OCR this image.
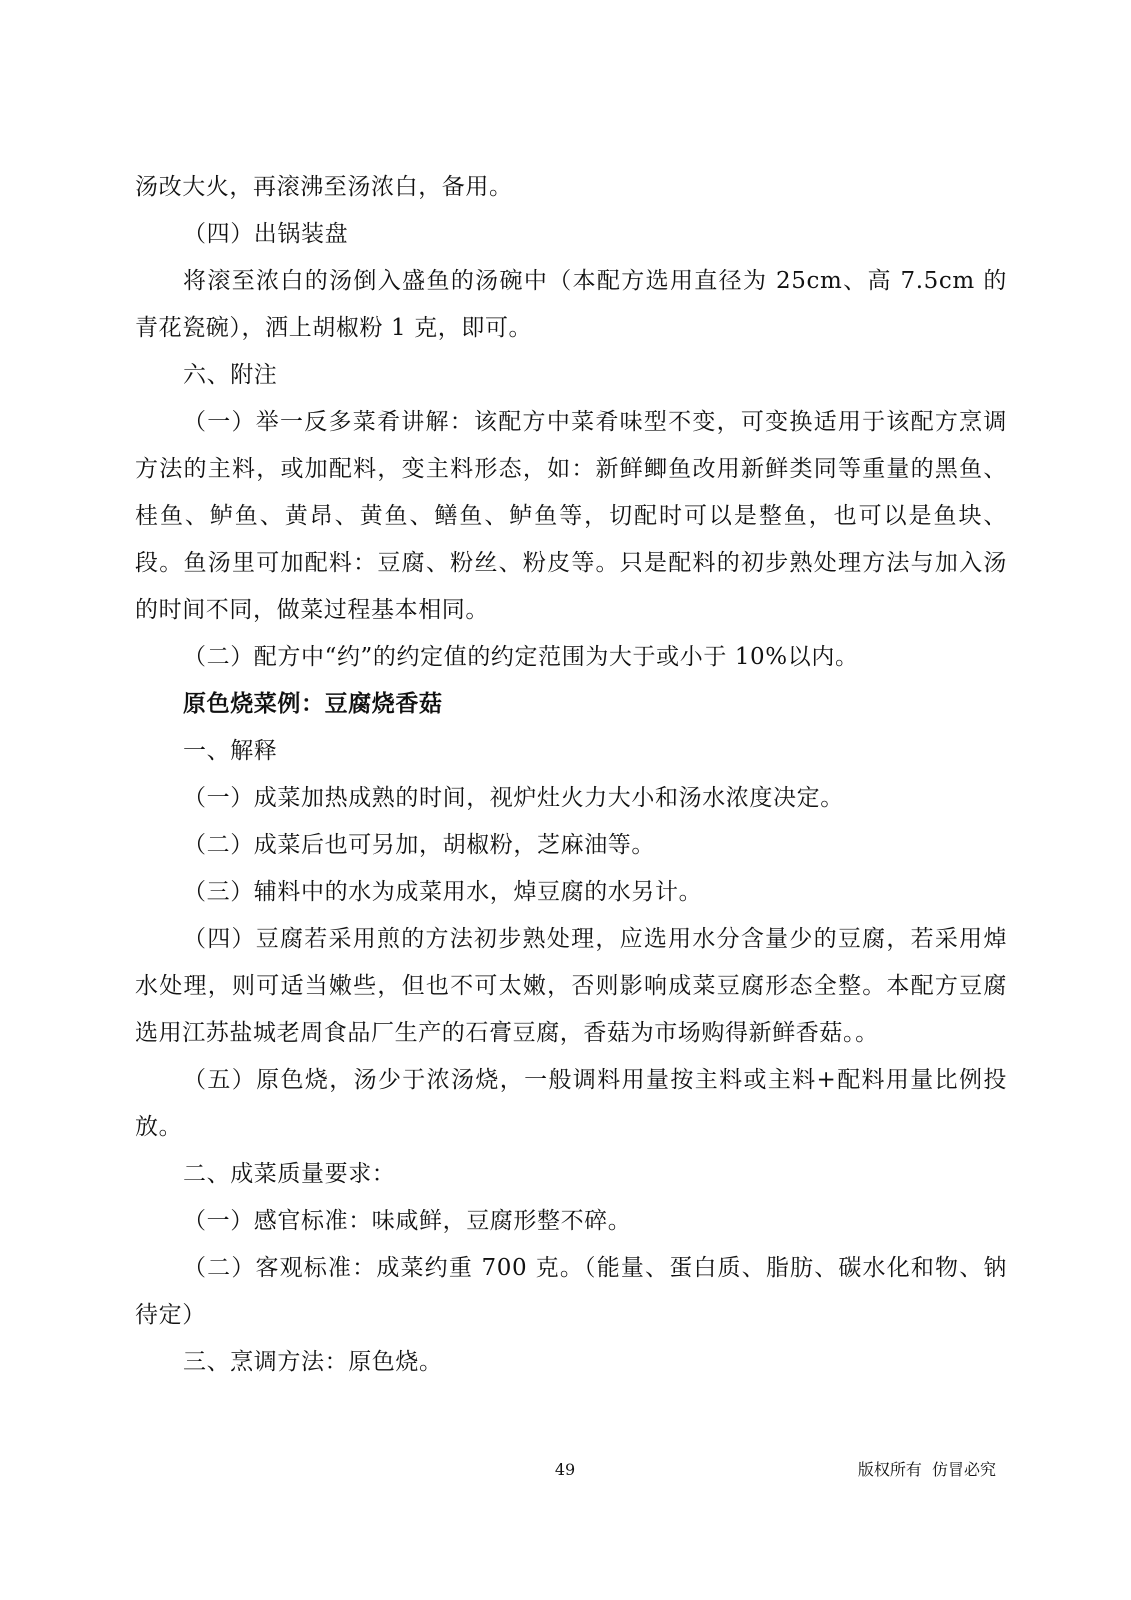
汤改大火，再滚沸至汤浓白，备用。

（四）出锅装盘

将滚至浓白的汤倒入盛鱼的汤碗中（本配方选用直径为 25cm、高 7.5cm 的青花瓷碗），洒上胡椒粉 1 克，即可。

六、附注

（一）举一反多菜肴讲解：该配方中菜肴味型不变，可变换适用于该配方烹调方法的主料，或加配料，变主料形态，如：新鲜鲫鱼改用新鲜类同等重量的黑鱼、桂鱼、鲈鱼、黄昂、黄鱼、鳝鱼、鲈鱼等，切配时可以是整鱼，也可以是鱼块、段。鱼汤里可加配料：豆腐、粉丝、粉皮等。只是配料的初步熟处理方法与加入汤的时间不同，做菜过程基本相同。

（二）配方中“约”的约定值的约定范围为大于或小于 10%以内。

原色烧菜例：豆腐烧香菇

一、解释

（一）成菜加热成熟的时间，视炉灶火力大小和汤水浓度决定。

（二）成菜后也可另加，胡椒粉，芝麻油等。

（三）辅料中的水为成菜用水，焯豆腐的水另计。

（四）豆腐若采用煎的方法初步熟处理，应选用水分含量少的豆腐，若采用焯水处理，则可适当嫩些，但也不可太嫩，否则影响成菜豆腐形态全整。本配方豆腐选用江苏盐城老周食品厂生产的石膏豆腐，香菇为市场购得新鲜香菇。。

（五）原色烧，汤少于浓汤烧，一般调料用量按主料或主料+配料用量比例投放。

二、成菜质量要求：

（一）感官标准：味咸鲜，豆腐形整不碎。

（二）客观标准：成菜约重 700 克。（能量、蛋白质、脂肪、碳水化和物、钠待定）

三、烹调方法：原色烧。

49	版权所有  仿冒必究
